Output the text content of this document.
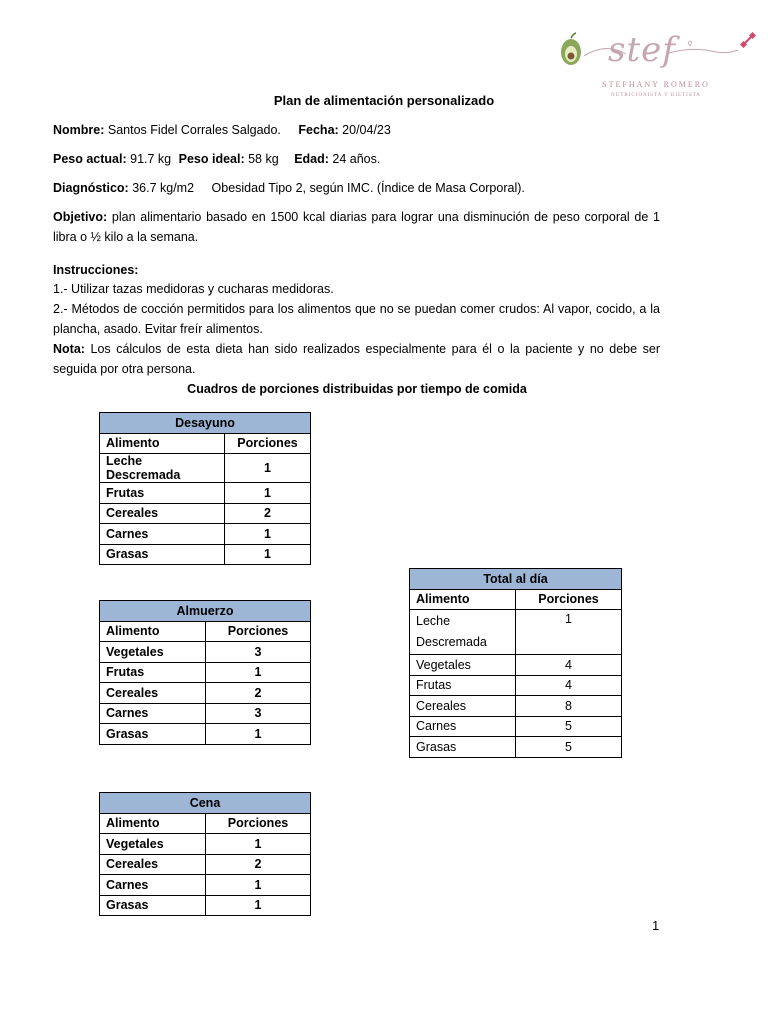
stef
STEFHANY ROMERO
NUTRICIONISTA Y DIETISTA
Plan de alimentación personalizado
Nombre: Santos Fidel Corrales Salgado. Fecha: 20/04/23
Peso actual: 91.7 kg Peso ideal: 58 kg Edad: 24 años.
Diagnóstico: 36.7 kg/m2 Obesidad Tipo 2, según IMC. (Índice de Masa Corporal).
Objetivo: plan alimentario basado en 1500 kcal diarias para lograr una disminución de peso corporal de 1
libra o ½ kilo a la semana.
Instrucciones:
1.- Utilizar tazas medidoras y cucharas medidoras.
2.- Métodos de cocción permitidos para los alimentos que no se puedan comer crudos: Al vapor, cocido, a la
plancha, asado. Evitar freír alimentos.
Nota: Los cálculos de esta dieta han sido realizados especialmente para él o la paciente y no debe ser
seguida por otra persona.
Cuadros de porciones distribuidas por tiempo de comida
Desayuno	
Alimento	Porciones
Leche Descremada	1
Frutas	1
Cereales	2
Carnes	1
Grasas	1
Almuerzo	
Alimento	Porciones
Vegetales	3
Frutas	1
Cereales	2
Carnes	3
Grasas	1
Cena	
Alimento	Porciones
Vegetales	1
Cereales	2
Carnes	1
Grasas	1
Total al día	
Alimento	Porciones
Leche
Descremada	1
Vegetales	4
Frutas	4
Cereales	8
Carnes	5
Grasas	5
1
